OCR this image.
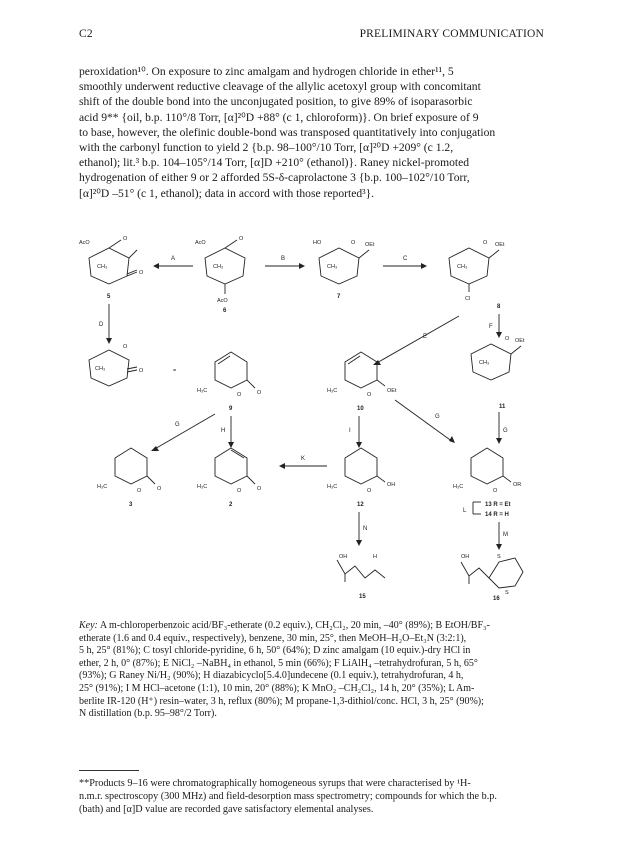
C2	PRELIMINARY COMMUNICATION

peroxidation¹⁰. On exposure to zinc amalgam and hydrogen chloride in ether¹¹, 5

smoothly underwent reductive cleavage of the allylic acetoxyl group with concomitant

shift of the double bond into the unconjugated position, to give 89% of isoparasorbic

acid 9** {oil, b.p. 110°/8 Torr, [α]²⁰D +88° (c 1, chloroform)}. On brief exposure of 9

to base, however, the olefinic double-bond was transposed quantitatively into conjugation

with the carbonyl function to yield 2 {b.p. 98–100°/10 Torr, [α]²⁰D +209° (c 1.2,

ethanol); lit.³ b.p. 104–105°/14 Torr, [α]D +210° (ethanol)}. Raney nickel-promoted

hydrogenation of either 9 or 2 afforded 5S-δ-caprolactone 3 {b.p. 100–102°/10 Torr,

[α]²⁰D –51° (c 1, ethanol); data in accord with those reported³}.

AcO
O
CH₃
O
5
A
AcO
O
CH₃
AcO
6
B
HO	O OEt
CH₃
7
C
O OEt
CH₃
Cl
8
D
E
F
O
CH₃	O	=
H₃C
O	O
9
H₃C
O
OEt
10
O OEt
CH₃
11
G
H	I
G
G
H₃C
O	O
3
H₃C
O	O
2
K
H₃C
O
OH
12
H₃C
O
OR
13 R = Et
14 R = H
L
M
N
OH	H
15
OH	S
S
16

Key: A m-chloroperbenzoic acid/BF₃-etherate (0.2 equiv.), CH₂Cl₂, 20 min, –40° (89%); B EtOH/BF₃-

etherate (1.6 and 0.4 equiv., respectively), benzene, 30 min, 25°, then MeOH–H₂O–Et₃N (3:2:1),

5 h, 25° (81%); C tosyl chloride-pyridine, 6 h, 50° (64%); D zinc amalgam (10 equiv.)-dry HCl in

ether, 2 h, 0° (87%); E NiCl₂ –NaBH₄ in ethanol, 5 min (66%); F LiAlH₄ –tetrahydrofuran, 5 h, 65°

(93%); G Raney Ni/H₂ (90%); H diazabicyclo[5.4.0]undecene (0.1 equiv.), tetrahydrofuran, 4 h,

25° (91%); I M HCl–acetone (1:1), 10 min, 20° (88%); K MnO₂ –CH₂Cl₂, 14 h, 20° (35%); L Am-

berlite IR-120 (H⁺) resin–water, 3 h, reflux (80%); M propane-1,3-dithiol/conc. HCl, 3 h, 25° (90%);

N distillation (b.p. 95–98°/2 Torr).

**Products 9–16 were chromatographically homogeneous syrups that were characterised by ¹H-

n.m.r. spectroscopy (300 MHz) and field-desorption mass spectrometry; compounds for which the b.p.

(bath) and [α]D value are recorded gave satisfactory elemental analyses.
